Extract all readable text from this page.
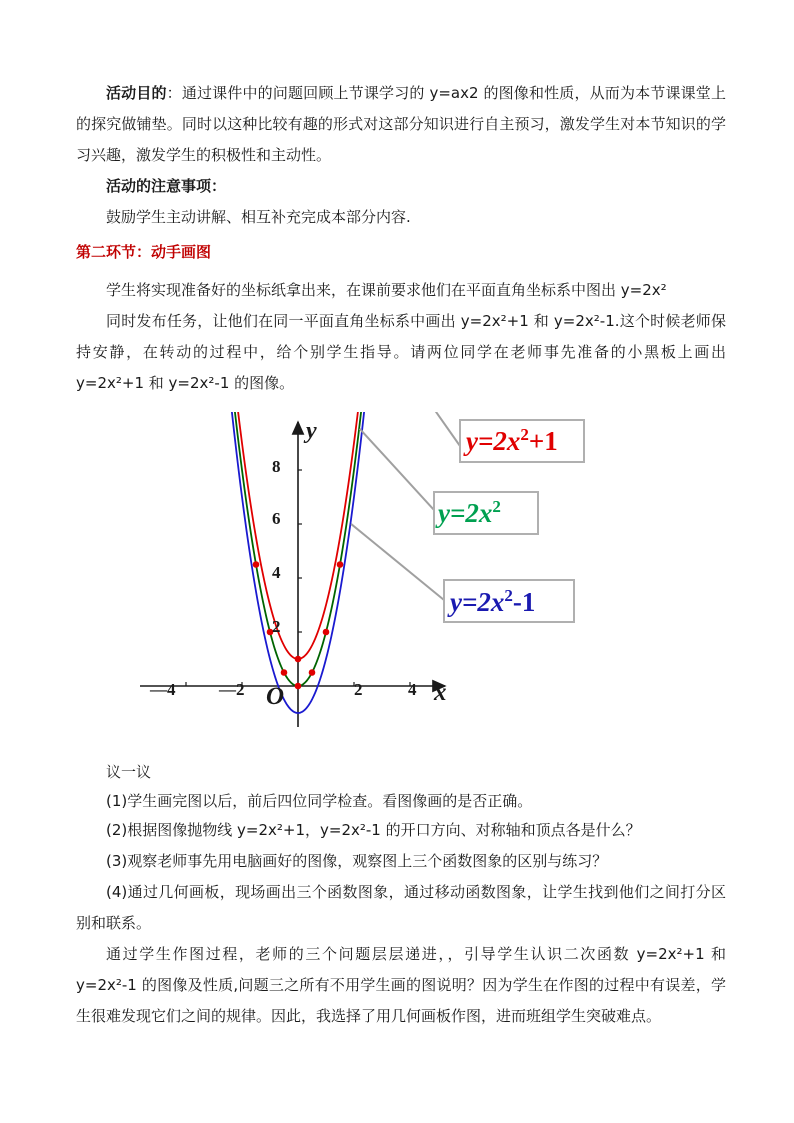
活动目的：通过课件中的问题回顾上节课学习的 y=ax2 的图像和性质，从而为本节课课堂上的探究做铺垫。同时以这种比较有趣的形式对这部分知识进行自主预习，激发学生对本节知识的学习兴趣，激发学生的积极性和主动性。

活动的注意事项：

鼓励学生主动讲解、相互补充完成本部分内容.

第二环节：动手画图

学生将实现准备好的坐标纸拿出来，在课前要求他们在平面直角坐标系中图出 y=2x²

同时发布任务，让他们在同一平面直角坐标系中画出 y=2x²+1 和 y=2x²-1.这个时候老师保持安静，在转动的过程中，给个别学生指导。请两位同学在老师事先准备的小黑板上画出 y=2x²+1 和 y=2x²-1 的图像。

—4	—2	2	4
2
4
6
8
x
y
O
$y=2x^2+1$
$y=2x^2$
$y=2x^2-1$

议一议

(1)学生画完图以后，前后四位同学检查。看图像画的是否正确。

(2)根据图像抛物线 y=2x²+1，y=2x²-1 的开口方向、对称轴和顶点各是什么？

(3)观察老师事先用电脑画好的图像，观察图上三个函数图象的区别与练习？

(4)通过几何画板，现场画出三个函数图象，通过移动函数图象，让学生找到他们之间打分区别和联系。

通过学生作图过程，老师的三个问题层层递进，，引导学生认识二次函数 y=2x²+1 和 y=2x²-1 的图像及性质,问题三之所有不用学生画的图说明？因为学生在作图的过程中有误差，学生很难发现它们之间的规律。因此，我选择了用几何画板作图，进而班组学生突破难点。
